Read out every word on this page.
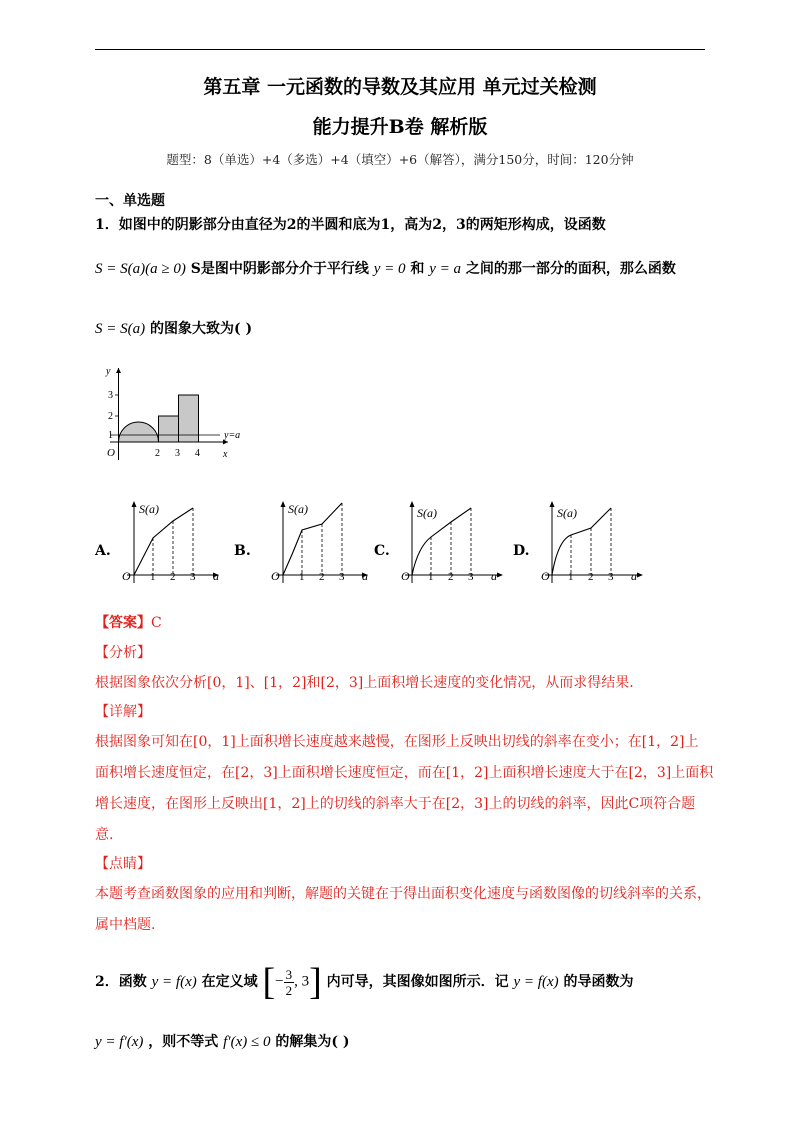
第五章 一元函数的导数及其应用 单元过关检测
能力提升B卷 解析版
题型：8（单选）+4（多选）+4（填空）+6（解答），满分150分，时间：120分钟
一、单选题
1．如图中的阴影部分由直径为2的半圆和底为1，高为2，3的两矩形构成，设函数
S = S(a)(a ≥ 0) S是图中阴影部分介于平行线 y = 0 和 y = a 之间的那一部分的面积，那么函数
S = S(a) 的图象大致为( )
y
x
O
1
2
3
2 3 4
y=a
A.	B.	C.	D.
S(a)
O 1 2 3 a
S(a)
O 1 2 3 a
S(a)
O 1 2 3 a
S(a)
O 1 2 3 a
【答案】C
【分析】
根据图象依次分析[0，1]、[1，2]和[2，3]上面积增长速度的变化情况，从而求得结果.
【详解】
根据图象可知在[0，1]上面积增长速度越来越慢，在图形上反映出切线的斜率在变小；在[1，2]上
面积增长速度恒定，在[2，3]上面积增长速度恒定，而在[1，2]上面积增长速度大于在[2，3]上面积
增长速度，在图形上反映出[1，2]上的切线的斜率大于在[2，3]上的切线的斜率，因此C项符合题
意.
【点睛】
本题考查函数图象的应用和判断，解题的关键在于得出面积变化速度与函数图像的切线斜率的关系，
属中档题.
2．函数 y = f(x) 在定义域 [− $\frac{3}{2}$ , 3] 内可导，其图像如图所示．记 y = f(x) 的导函数为
y = f′(x) ，则不等式 f′(x) ≤ 0 的解集为( )
